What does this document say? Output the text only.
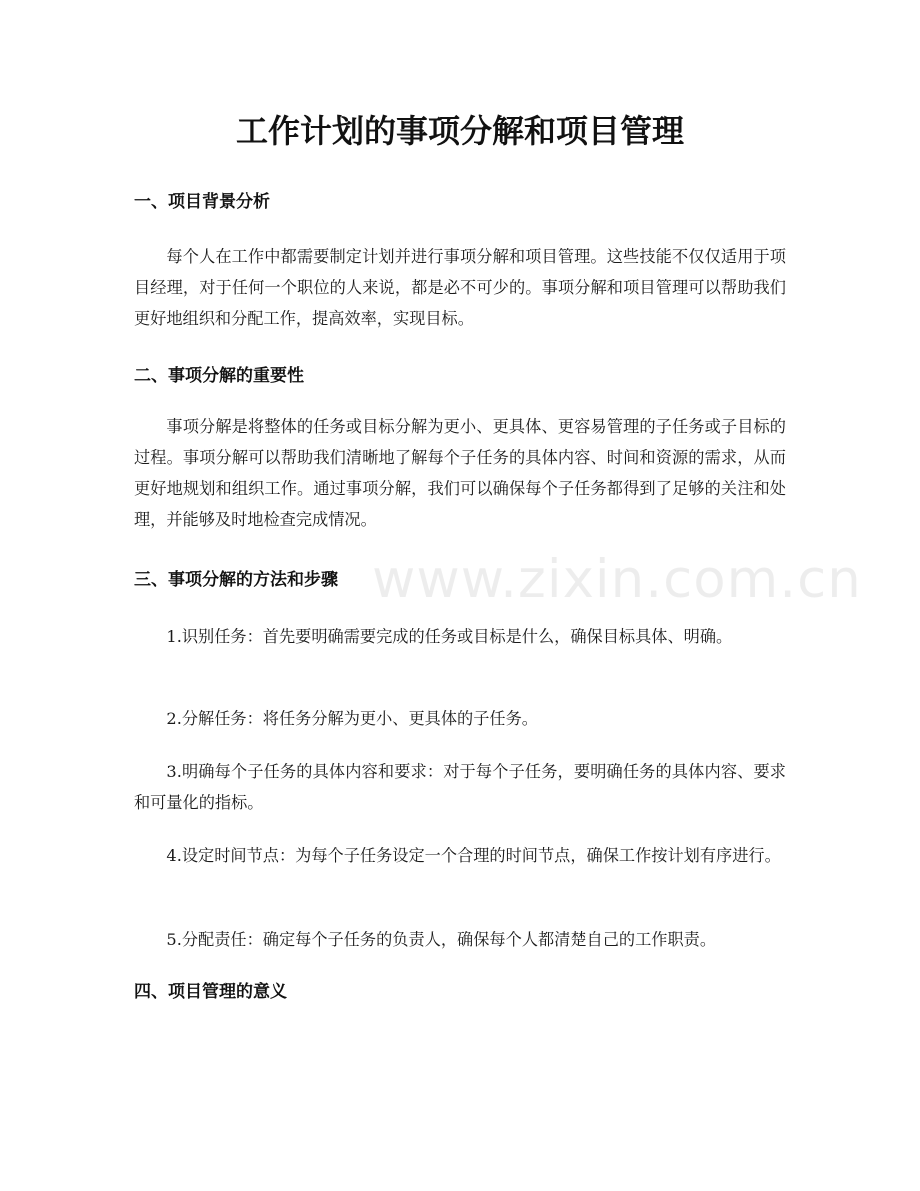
工作计划的事项分解和项目管理
一、项目背景分析

每个人在工作中都需要制定计划并进行事项分解和项目管理。这些技能不仅仅适用于项目经理，对于任何一个职位的人来说，都是必不可少的。事项分解和项目管理可以帮助我们更好地组织和分配工作，提高效率，实现目标。

二、事项分解的重要性

事项分解是将整体的任务或目标分解为更小、更具体、更容易管理的子任务或子目标的过程。事项分解可以帮助我们清晰地了解每个子任务的具体内容、时间和资源的需求，从而更好地规划和组织工作。通过事项分解，我们可以确保每个子任务都得到了足够的关注和处理，并能够及时地检查完成情况。

三、事项分解的方法和步骤

1.识别任务：首先要明确需要完成的任务或目标是什么，确保目标具体、明确。

2.分解任务：将任务分解为更小、更具体的子任务。

3.明确每个子任务的具体内容和要求：对于每个子任务，要明确任务的具体内容、要求和可量化的指标。

4.设定时间节点：为每个子任务设定一个合理的时间节点，确保工作按计划有序进行。

5.分配责任：确定每个子任务的负责人，确保每个人都清楚自己的工作职责。

四、项目管理的意义
www.zixin.com.cn
